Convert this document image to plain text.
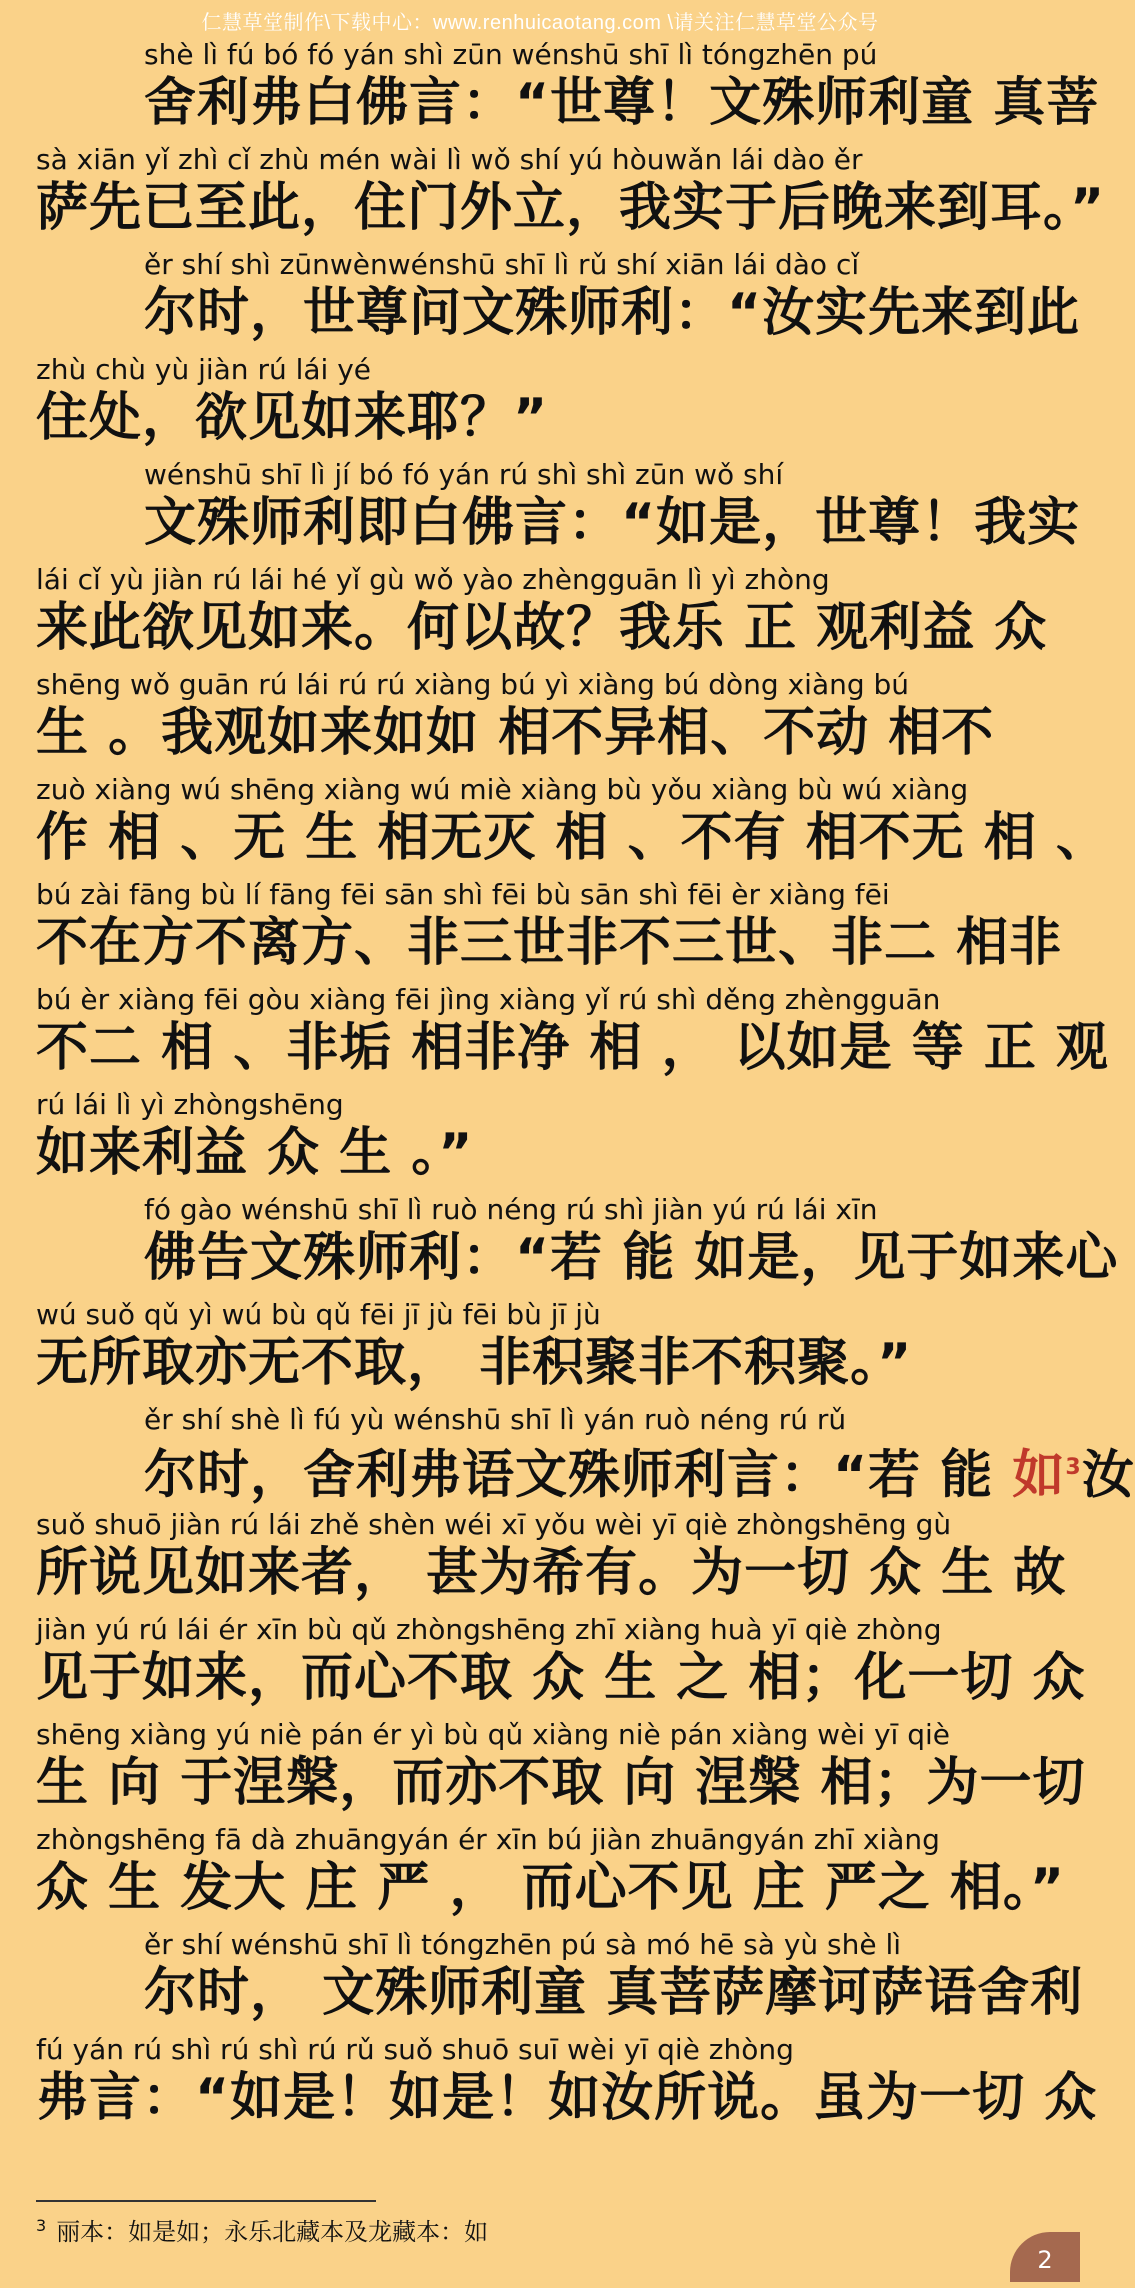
仁慧草堂制作\下载中心：www.renhuicaotang.com \请关注仁慧草堂公众号
shè lì fú bó fó yán shì zūn wénshū shī lì tóngzhēn pú
舍利弗白佛言：“世尊！文殊师利童 真菩
sà xiān yǐ zhì cǐ zhù mén wài lì wǒ shí yú hòuwǎn lái dào ěr
萨先已至此，住门外立，我实于后晚来到耳。”
ěr shí shì zūnwènwénshū shī lì rǔ shí xiān lái dào cǐ
尔时，世尊问文殊师利：“汝实先来到此
zhù chù yù jiàn rú lái yé
住处，欲见如来耶？”
wénshū shī lì jí bó fó yán rú shì shì zūn wǒ shí
文殊师利即白佛言：“如是，世尊！我实
lái cǐ yù jiàn rú lái hé yǐ gù wǒ yào zhèngguān lì yì zhòng
来此欲见如来。何以故？我乐 正 观利益 众
shēng wǒ guān rú lái rú rú xiàng bú yì xiàng bú dòng xiàng bú
生 。我观如来如如 相不异相、不动 相不
zuò xiàng wú shēng xiàng wú miè xiàng bù yǒu xiàng bù wú xiàng
作 相 、无 生 相无灭 相 、不有 相不无 相 、
bú zài fāng bù lí fāng fēi sān shì fēi bù sān shì fēi èr xiàng fēi
不在方不离方、非三世非不三世、非二 相非
bú èr xiàng fēi gòu xiàng fēi jìng xiàng yǐ rú shì děng zhèngguān
不二 相 、非垢 相非净 相 ， 以如是 等 正 观
rú lái lì yì zhòngshēng
如来利益 众 生 。”
fó gào wénshū shī lì ruò néng rú shì jiàn yú rú lái xīn
佛告文殊师利：“若 能 如是，见于如来心
wú suǒ qǔ yì wú bù qǔ fēi jī jù fēi bù jī jù
无所取亦无不取， 非积聚非不积聚。”
ěr shí shè lì fú yù wénshū shī lì yán ruò néng rú rǔ
尔时，舍利弗语文殊师利言：“若 能 如$^3$汝
suǒ shuō jiàn rú lái zhě shèn wéi xī yǒu wèi yī qiè zhòngshēng gù
所说见如来者， 甚为希有。为一切 众 生 故
jiàn yú rú lái ér xīn bù qǔ zhòngshēng zhī xiàng huà yī qiè zhòng
见于如来，而心不取 众 生 之 相；化一切 众
shēng xiàng yú niè pán ér yì bù qǔ xiàng niè pán xiàng wèi yī qiè
生 向 于涅槃，而亦不取 向 涅槃 相；为一切
zhòngshēng fā dà zhuāngyán ér xīn bú jiàn zhuāngyán zhī xiàng
众 生 发大 庄 严 ， 而心不见 庄 严之 相。”
ěr shí wénshū shī lì tóngzhēn pú sà mó hē sà yù shè lì
尔时， 文殊师利童 真菩萨摩诃萨语舍利
fú yán rú shì rú shì rú rǔ suǒ shuō suī wèi yī qiè zhòng
弗言：“如是！如是！如汝所说。虽为一切 众
$^3$ 丽本：如是如；永乐北藏本及龙藏本：如
2
